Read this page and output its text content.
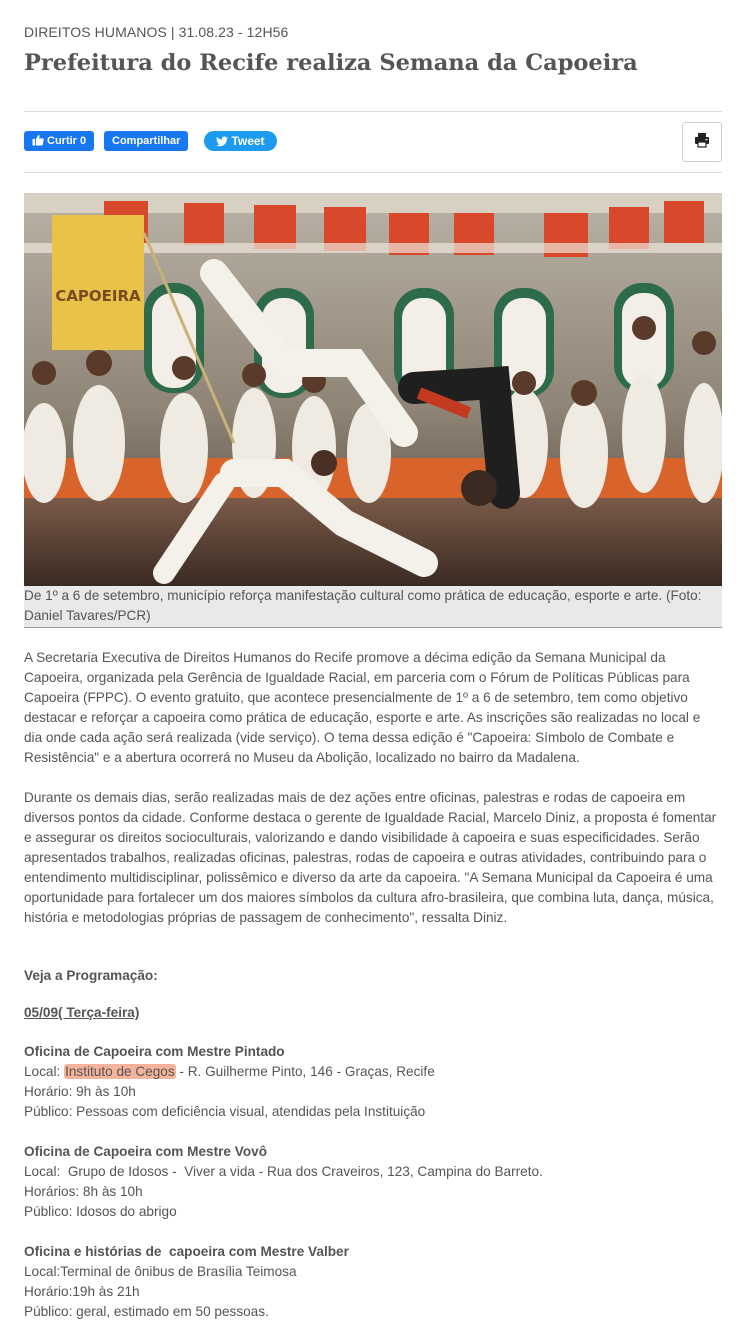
DIREITOS HUMANOS | 31.08.23 - 12H56
Prefeitura do Recife realiza Semana da Capoeira
Curtir 0	Compartilhar	Tweet
CAPOEIRA
De 1º a 6 de setembro, município reforça manifestação cultural como prática de educação, esporte e arte. (Foto: Daniel Tavares/PCR)

A Secretaria Executiva de Direitos Humanos do Recife promove a décima edição da Semana Municipal da Capoeira, organizada pela Gerência de Igualdade Racial, em parceria com o Fórum de Políticas Públicas para Capoeira (FPPC). O evento gratuito, que acontece presencialmente de 1º a 6 de setembro, tem como objetivo destacar e reforçar a capoeira como prática de educação, esporte e arte. As inscrições são realizadas no local e dia onde cada ação será realizada (vide serviço). O tema dessa edição é "Capoeira: Símbolo de Combate e Resistência" e a abertura ocorrerá no Museu da Abolição, localizado no bairro da Madalena.

Durante os demais dias, serão realizadas mais de dez ações entre oficinas, palestras e rodas de capoeira em diversos pontos da cidade. Conforme destaca o gerente de Igualdade Racial, Marcelo Diniz, a proposta é fomentar e assegurar os direitos socioculturais, valorizando e dando visibilidade à capoeira e suas especificidades. Serão apresentados trabalhos, realizadas oficinas, palestras, rodas de capoeira e outras atividades, contribuindo para o entendimento multidisciplinar, polissêmico e diverso da arte da capoeira. "A Semana Municipal da Capoeira é uma oportunidade para fortalecer um dos maiores símbolos da cultura afro-brasileira, que combina luta, dança, música, história e metodologias próprias de passagem de conhecimento", ressalta Diniz.

Veja a Programação:
05/09( Terça-feira)
Oficina de Capoeira com Mestre Pintado
Local: Instituto de Cegos - R. Guilherme Pinto, 146 - Graças, Recife
Horário: 9h às 10h
Público: Pessoas com deficiência visual, atendidas pela Instituição
Oficina de Capoeira com Mestre Vovô
Local:  Grupo de Idosos -  Viver a vida - Rua dos Craveiros, 123, Campina do Barreto.
Horários: 8h às 10h
Público: Idosos do abrigo
Oficina e histórias de  capoeira com Mestre Valber
Local:Terminal de ônibus de Brasília Teimosa
Horário:19h às 21h
Público: geral, estimado em 50 pessoas.
